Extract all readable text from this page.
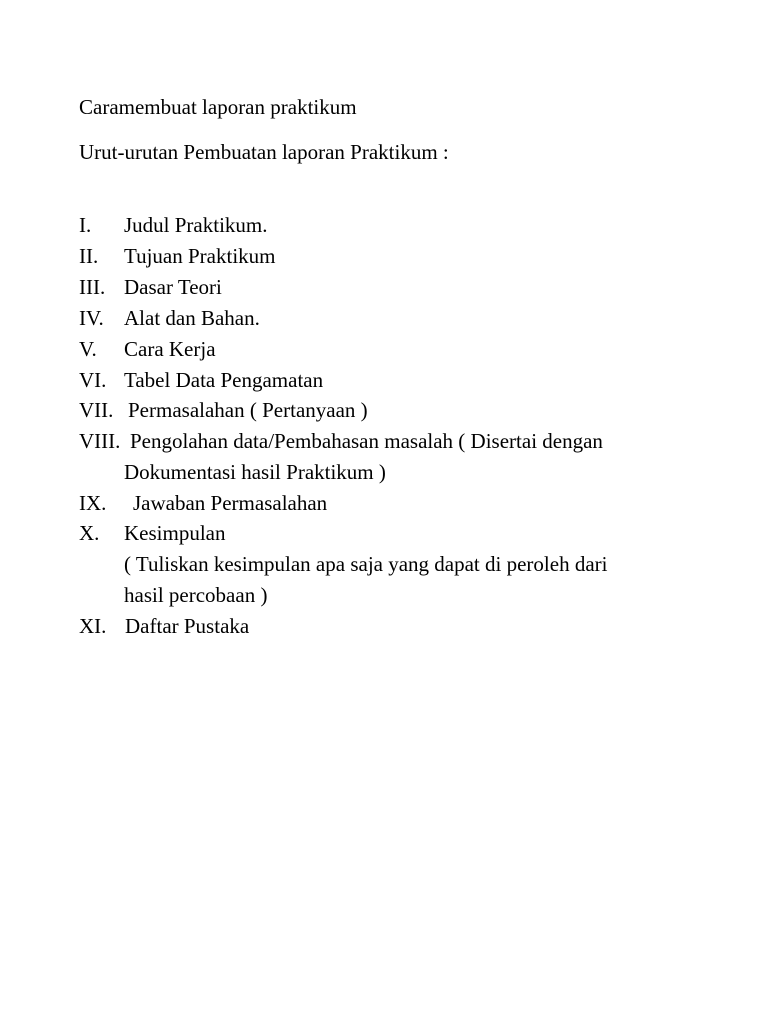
Caramembuat laporan praktikum
Urut-urutan Pembuatan laporan Praktikum :
I. Judul Praktikum.
II. Tujuan Praktikum
III. Dasar Teori
IV. Alat dan Bahan.
V. Cara Kerja
VI. Tabel Data Pengamatan
VII. Permasalahan ( Pertanyaan )
VIII. Pengolahan data/Pembahasan masalah ( Disertai dengan
Dokumentasi hasil Praktikum )
IX. Jawaban Permasalahan
X. Kesimpulan
( Tuliskan kesimpulan apa saja yang dapat di peroleh dari
hasil percobaan )
XI. Daftar Pustaka
